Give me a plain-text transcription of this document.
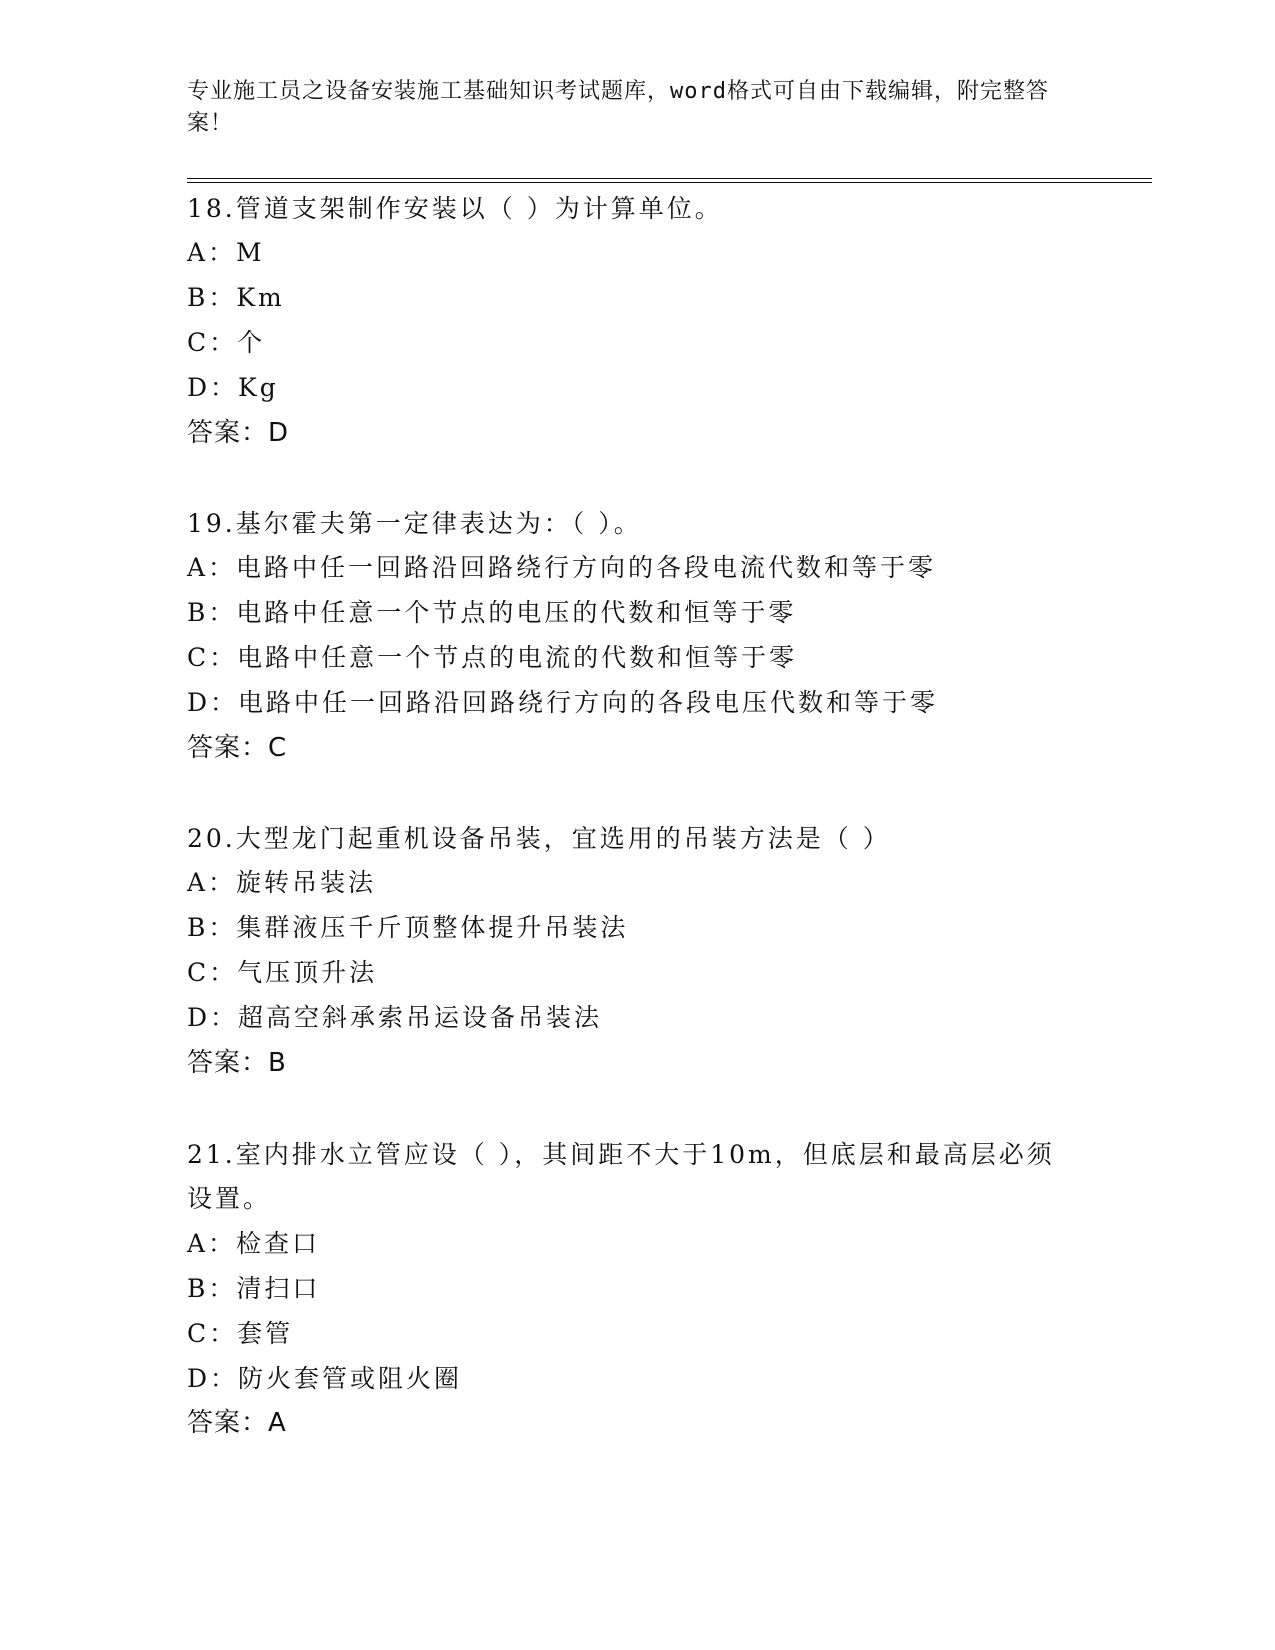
专业施工员之设备安装施工基础知识考试题库，word格式可自由下载编辑，附完整答案！
18.管道支架制作安装以（ ）为计算单位。
A：M
B：Km
C：个
D：Kg
答案：D
19.基尔霍夫第一定律表达为：（ ）。
A：电路中任一回路沿回路绕行方向的各段电流代数和等于零
B：电路中任意一个节点的电压的代数和恒等于零
C：电路中任意一个节点的电流的代数和恒等于零
D：电路中任一回路沿回路绕行方向的各段电压代数和等于零
答案：C
20.大型龙门起重机设备吊装，宜选用的吊装方法是（ ）
A：旋转吊装法
B：集群液压千斤顶整体提升吊装法
C：气压顶升法
D：超高空斜承索吊运设备吊装法
答案：B
21.室内排水立管应设（ ），其间距不大于10m，但底层和最高层必须
设置。
A：检查口
B：清扫口
C：套管
D：防火套管或阻火圈
答案：A
